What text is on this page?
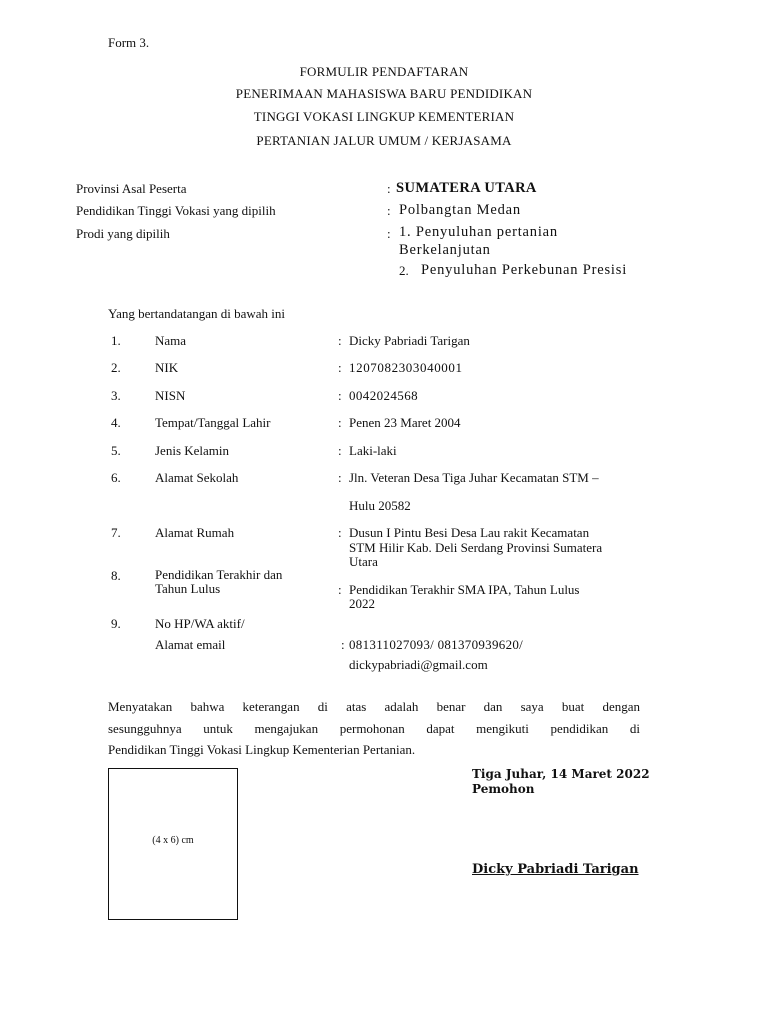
Form 3.
FORMULIR PENDAFTARAN
PENERIMAAN MAHASISWA BARU PENDIDIKAN
TINGGI VOKASI LINGKUP KEMENTERIAN
PERTANIAN JALUR UMUM / KERJASAMA
Provinsi Asal Peserta	: SUMATERA UTARA
Pendidikan Tinggi Vokasi yang dipilih	: Polbangtan Medan
Prodi yang dipilih	: 1. Penyuluhan pertanian
Berkelanjutan
2. Penyuluhan Perkebunan Presisi
Yang bertandatangan di bawah ini
1.	Nama	: Dicky Pabriadi Tarigan
2.	NIK	: 1207082303040001
3.	NISN	: 0042024568
4.	Tempat/Tanggal Lahir	: Penen 23 Maret 2004
5.	Jenis Kelamin	: Laki-laki
6.	Alamat Sekolah	: Jln. Veteran Desa Tiga Juhar Kecamatan STM –
Hulu 20582
7.	Alamat Rumah	: Dusun I Pintu Besi Desa Lau rakit Kecamatan
STM Hilir Kab. Deli Serdang Provinsi Sumatera
Utara
8.	Pendidikan Terakhir dan
Tahun Lulus	: Pendidikan Terakhir SMA IPA, Tahun Lulus
2022
9.	No HP/WA aktif/
Alamat email	: 081311027093/ 081370939620/
dickypabriadi@gmail.com
Menyatakan bahwa keterangan di atas adalah benar dan saya buat dengan
sesungguhnya untuk mengajukan permohonan dapat mengikuti pendidikan di
Pendidikan Tinggi Vokasi Lingkup Kementerian Pertanian.
(4 x 6) cm
Tiga Juhar, 14 Maret 2022
Pemohon
Dicky Pabriadi Tarigan
